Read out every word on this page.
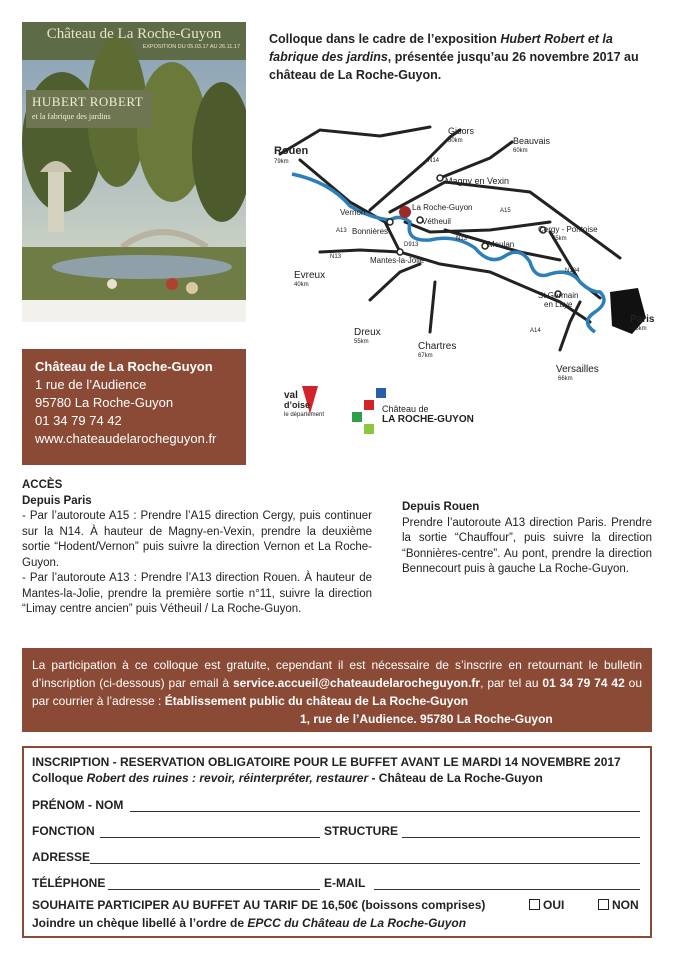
Château de La Roche-Guyon
EXPOSITION DU 05.03.17 AU 26.11.17
HUBERT ROBERT
et la fabrique des jardins
Colloque dans le cadre de l’exposition Hubert Robert et la fabrique des jardins, présentée jusqu’au 26 novembre 2017 au château de La Roche-Guyon.
Rouen
79km
Gisors
30km	Beauvais
60km
Magny en Vexin
Vernon
La Roche-Guyon
Vétheuil
Bonnières	Cergy - Pontoise
45km
Meulan
Mantes-la-Jolie
Evreux
40km
St Germain
en Laye
Paris
78km
Dreux
55km	Chartres
67km
Versailles
66km
N14
A15
A13
N13
D913
N13
A14
N184
val
d’oise
le département
Château de
LA ROCHE-GUYON
Château de La Roche-Guyon
1 rue de l’Audience
95780 La Roche-Guyon
01 34 79 74 42
www.chateaudelarocheguyon.fr
ACCÈS
Depuis Paris
- Par l’autoroute A15 : Prendre l’A15 direction Cergy, puis continuer sur la N14. À hauteur de Magny-en-Vexin, prendre la deuxième sortie “Hodent/Vernon” puis suivre la direction Vernon et La Roche-Guyon.
- Par l’autoroute A13 : Prendre l’A13 direction Rouen. À hauteur de Mantes-la-Jolie, prendre la première sortie n°11, suivre la direction “Limay centre ancien” puis Vétheuil / La Roche-Guyon.
Depuis Rouen
Prendre l’autoroute A13 direction Paris. Prendre la sortie “Chauffour”, puis suivre la direction “Bonnières-centre”. Au pont, prendre la direction Bennecourt puis à gauche La Roche-Guyon.
La participation à ce colloque est gratuite, cependant il est nécessaire de s’inscrire en retournant le bulletin d’inscription (ci-dessous) par email à service.accueil@chateaudelarocheguyon.fr, par tel au 01 34 79 74 42 ou par courrier à l’adresse : Établissement public du château de La Roche-Guyon
1, rue de l’Audience. 95780 La Roche-Guyon
INSCRIPTION - RESERVATION OBLIGATOIRE POUR LE BUFFET AVANT LE MARDI 14 NOVEMBRE 2017
Colloque Robert des ruines : revoir, réinterpréter, restaurer - Château de La Roche-Guyon
PRÉNOM - NOM
FONCTION	STRUCTURE
ADRESSE
TÉLÉPHONE	E-MAIL
SOUHAITE PARTICIPER AU BUFFET AU TARIF DE 16,50€ (boissons comprises)	OUI	NON
Joindre un chèque libellé à l’ordre de EPCC du Château de La Roche-Guyon
